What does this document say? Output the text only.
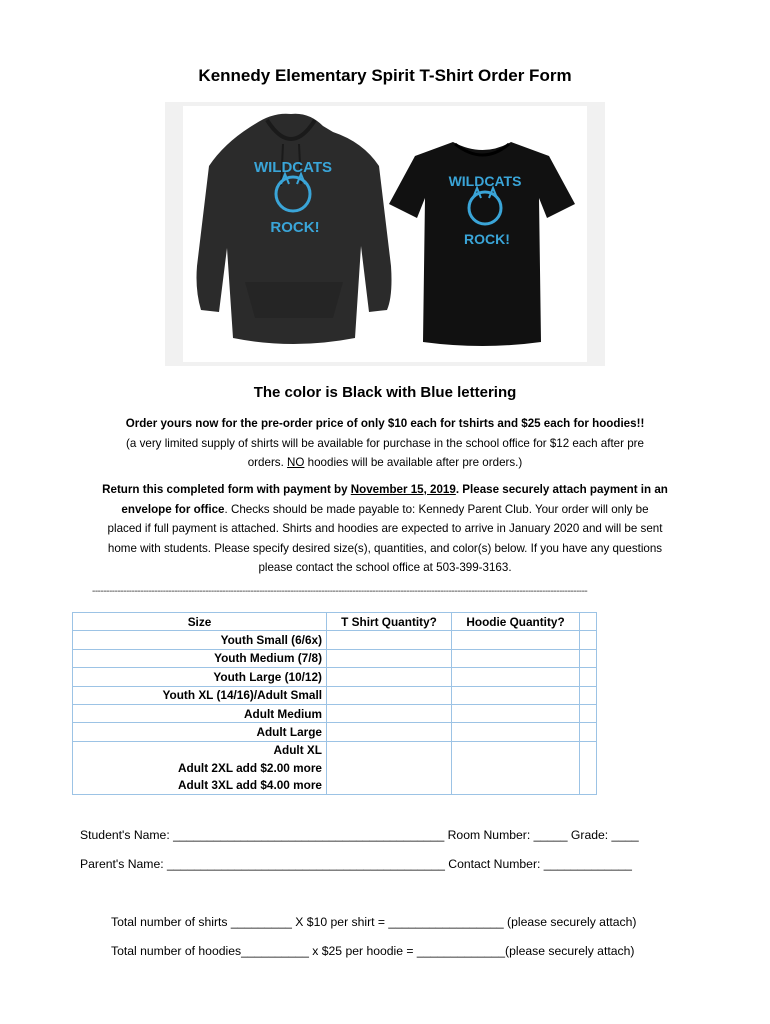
Kennedy Elementary Spirit T-Shirt Order Form
WILDCATS
ROCK!
WILDCATS
ROCK!
The color is Black with Blue lettering
Order yours now for the pre-order price of only $10 each for tshirts and $25 each for hoodies!!
(a very limited supply of shirts will be available for purchase in the school office for $12 each after pre
orders. NO hoodies will be available after pre orders.)
Return this completed form with payment by November 15, 2019. Please securely attach payment in an
envelope for office. Checks should be made payable to: Kennedy Parent Club. Your order will only be
placed if full payment is attached. Shirts and hoodies are expected to arrive in January 2020 and will be sent
home with students. Please specify desired size(s), quantities, and color(s) below. If you have any questions
please contact the school office at 503-399-3163.
-------------------------------------------------------------------------------------------------------------------------------------------------------------------------------
Size	T Shirt Quantity?	Hoodie Quantity?	
Youth Small (6/6x)			
Youth Medium (7/8)			
Youth Large (10/12)			
Youth XL (14/16)/Adult Small			
Adult Medium			
Adult Large			
Adult XL			
Adult 2XL add $2.00 more			
Adult 3XL add $4.00 more			
Student's Name: ________________________________________ Room Number: _____ Grade: ____
Parent's Name: _________________________________________ Contact Number: _____________
Total number of shirts _________ X $10 per shirt = _________________ (please securely attach)
Total number of hoodies__________ x $25 per hoodie = _____________(please securely attach)
